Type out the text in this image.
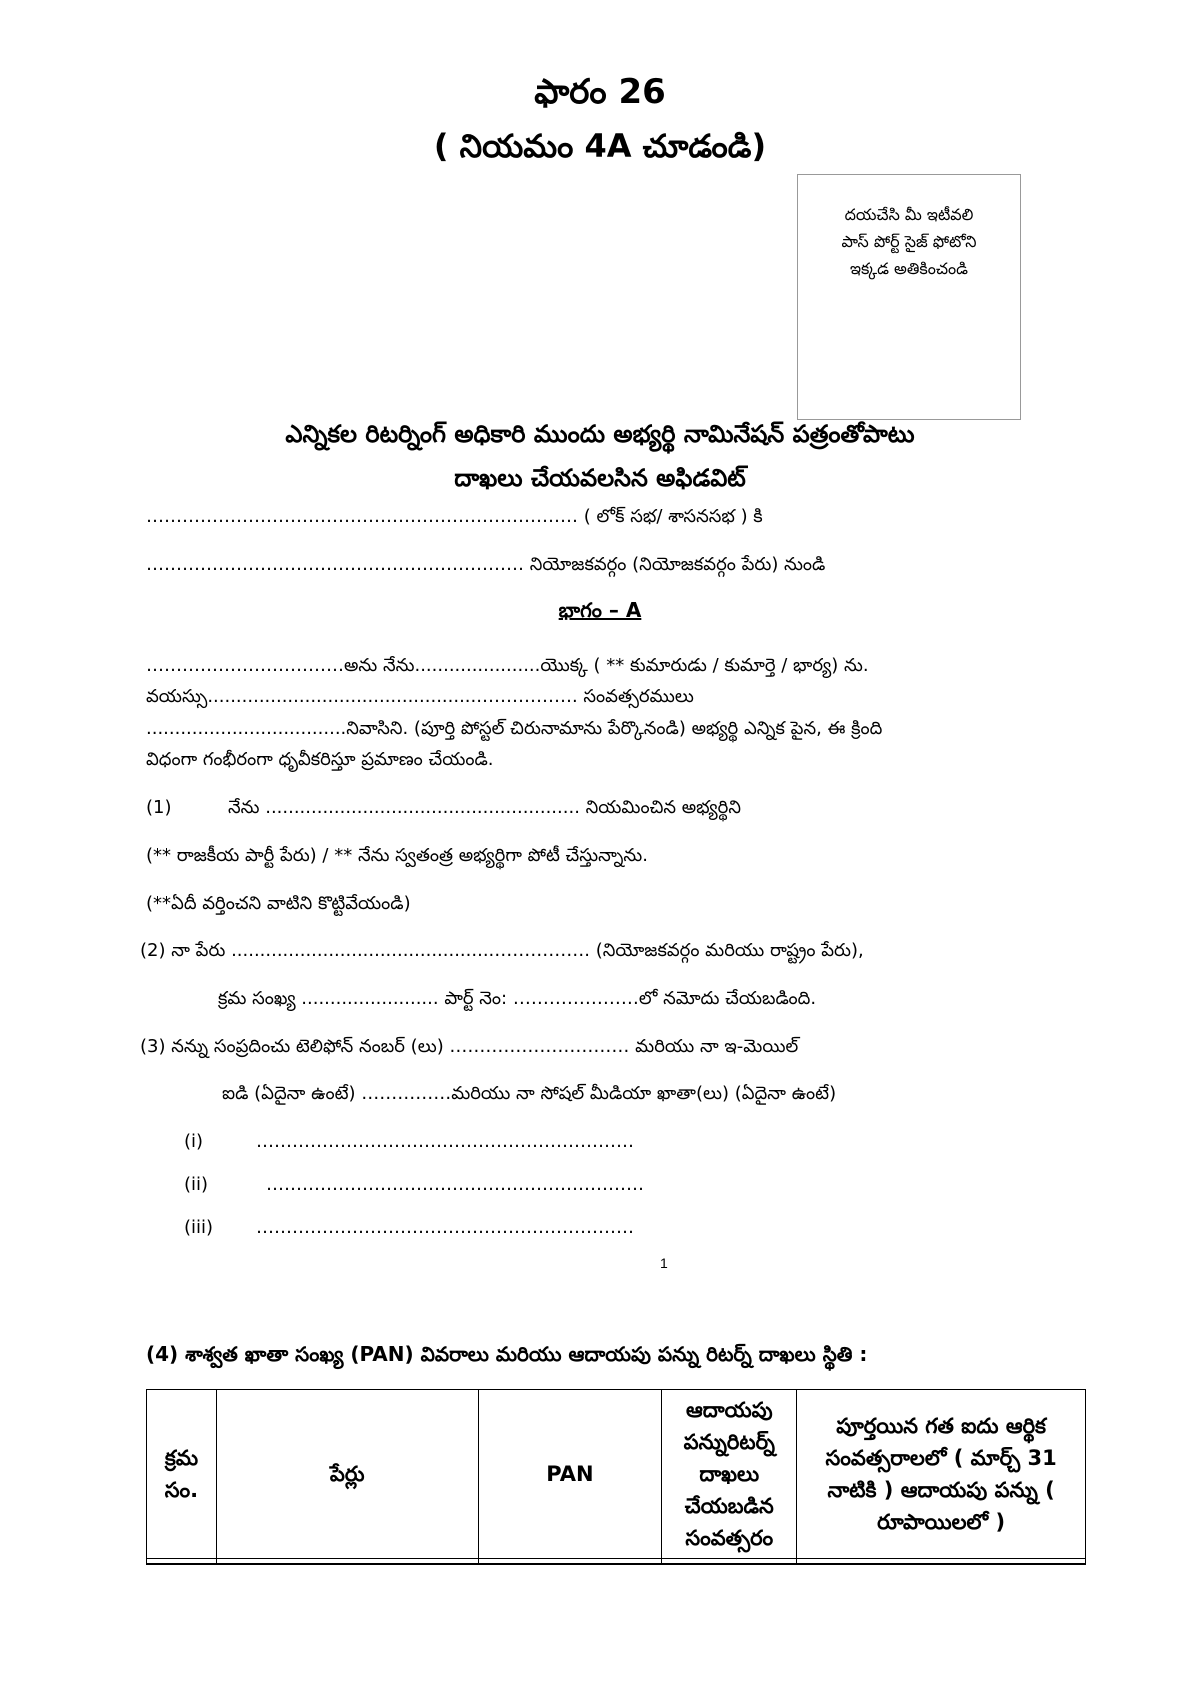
ఫారం 26
( నియమం 4A చూడండి)
దయచేసి మీ ఇటీవలి
పాస్ పోర్ట్ సైజ్ ఫోటోని
ఇక్కడ అతికించండి
ఎన్నికల రిటర్నింగ్ అధికారి ముందు అభ్యర్థి నామినేషన్ పత్రంతోపాటు
దాఖలు చేయవలసిన అఫిడవిట్
……………………………………………………………… ( లోక్ సభ/ శాసనసభ ) కి
……………………………………………………… నియోజకవర్గం (నియోజకవర్గం పేరు) నుండి
భాగం – A
……………………………అను నేను......................యొక్క ( ** కుమారుడు / కుమార్తె / భార్య) ను.
వయస్సు................................................……………. సంవత్సరములు
...................................నివాసిని. (పూర్తి పోస్టల్ చిరునామాను పేర్కొనండి) అభ్యర్థి ఎన్నిక పైన, ఈ క్రింది
విధంగా గంభీరంగా ధృవీకరిస్తూ ప్రమాణం చేయండి.
(1)	నేను ....................................................... నియమించిన అభ్యర్థిని
(** రాజకీయ పార్టీ పేరు) / ** నేను స్వతంత్ర అభ్యర్థిగా పోటీ చేస్తున్నాను.
(**ఏదీ వర్తించని వాటిని కొట్టివేయండి)
(2) నా పేరు ..............................................……………. (నియోజకవర్గం మరియు రాష్ట్రం పేరు),
క్రమ సంఖ్య ........................ పార్ట్ నెం: …………………లో నమోదు చేయబడింది.
(3) నన్ను సంప్రదించు టెలిఫోన్ నంబర్ (లు) ………………………… మరియు నా ఇ-మెయిల్
ఐడి (ఏదైనా ఉంటే) ……………మరియు నా సోషల్ మీడియా ఖాతా(లు) (ఏదైనా ఉంటే)
(i)	………………………………………………………
(ii)	………………………………………………………
(iii) ………………………………………………………
1
(4) శాశ్వత ఖాతా సంఖ్య (PAN) వివరాలు మరియు ఆదాయపు పన్ను రిటర్న్ దాఖలు స్థితి :
క్రమ సం.	పేర్లు	PAN	ఆదాయపు పన్నురిటర్న్ దాఖలు చేయబడిన సంవత్సరం	పూర్తయిన గత ఐదు ఆర్థిక సంవత్సరాలలో ( మార్చ్ 31 నాటికి ) ఆదాయపు పన్ను ( రూపాయిలలో )
